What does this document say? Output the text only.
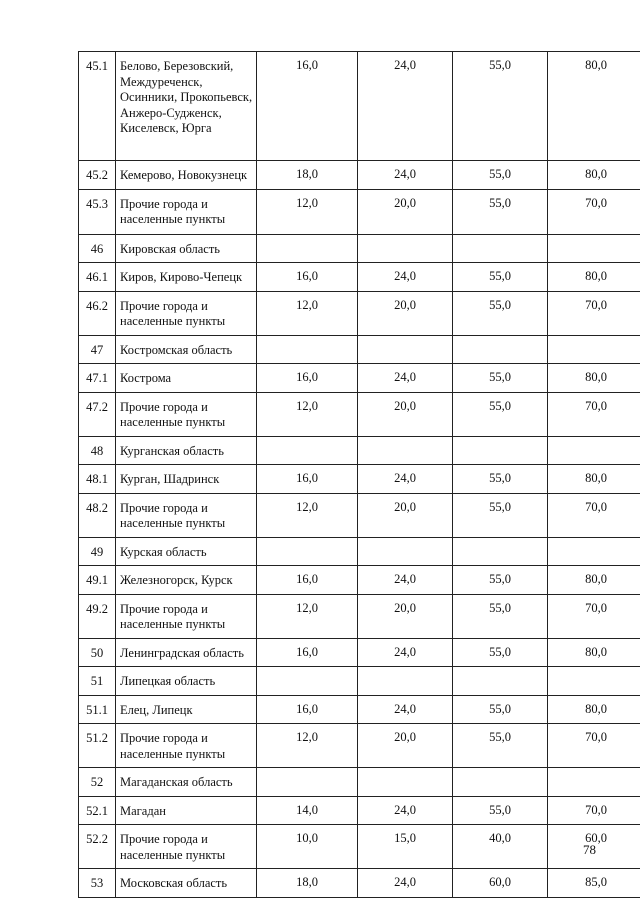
45.1	Белово, Березовский, Междуреченск, Осинники, Прокопьевск, Анжеро-Судженск, Киселевск, Юрга	16,0	24,0	55,0	80,0
45.2	Кемерово, Новокузнецк	18,0	24,0	55,0	80,0
45.3	Прочие города и населенные пункты	12,0	20,0	55,0	70,0
46	Кировская область				
46.1	Киров, Кирово-Чепецк	16,0	24,0	55,0	80,0
46.2	Прочие города и населенные пункты	12,0	20,0	55,0	70,0
47	Костромская область				
47.1	Кострома	16,0	24,0	55,0	80,0
47.2	Прочие города и населенные пункты	12,0	20,0	55,0	70,0
48	Курганская область				
48.1	Курган, Шадринск	16,0	24,0	55,0	80,0
48.2	Прочие города и населенные пункты	12,0	20,0	55,0	70,0
49	Курская область				
49.1	Железногорск, Курск	16,0	24,0	55,0	80,0
49.2	Прочие города и населенные пункты	12,0	20,0	55,0	70,0
50	Ленинградская область	16,0	24,0	55,0	80,0
51	Липецкая область				
51.1	Елец, Липецк	16,0	24,0	55,0	80,0
51.2	Прочие города и населенные пункты	12,0	20,0	55,0	70,0
52	Магаданская область				
52.1	Магадан	14,0	24,0	55,0	70,0
52.2	Прочие города и населенные пункты	10,0	15,0	40,0	60,0
53	Московская область	18,0	24,0	60,0	85,0
78
